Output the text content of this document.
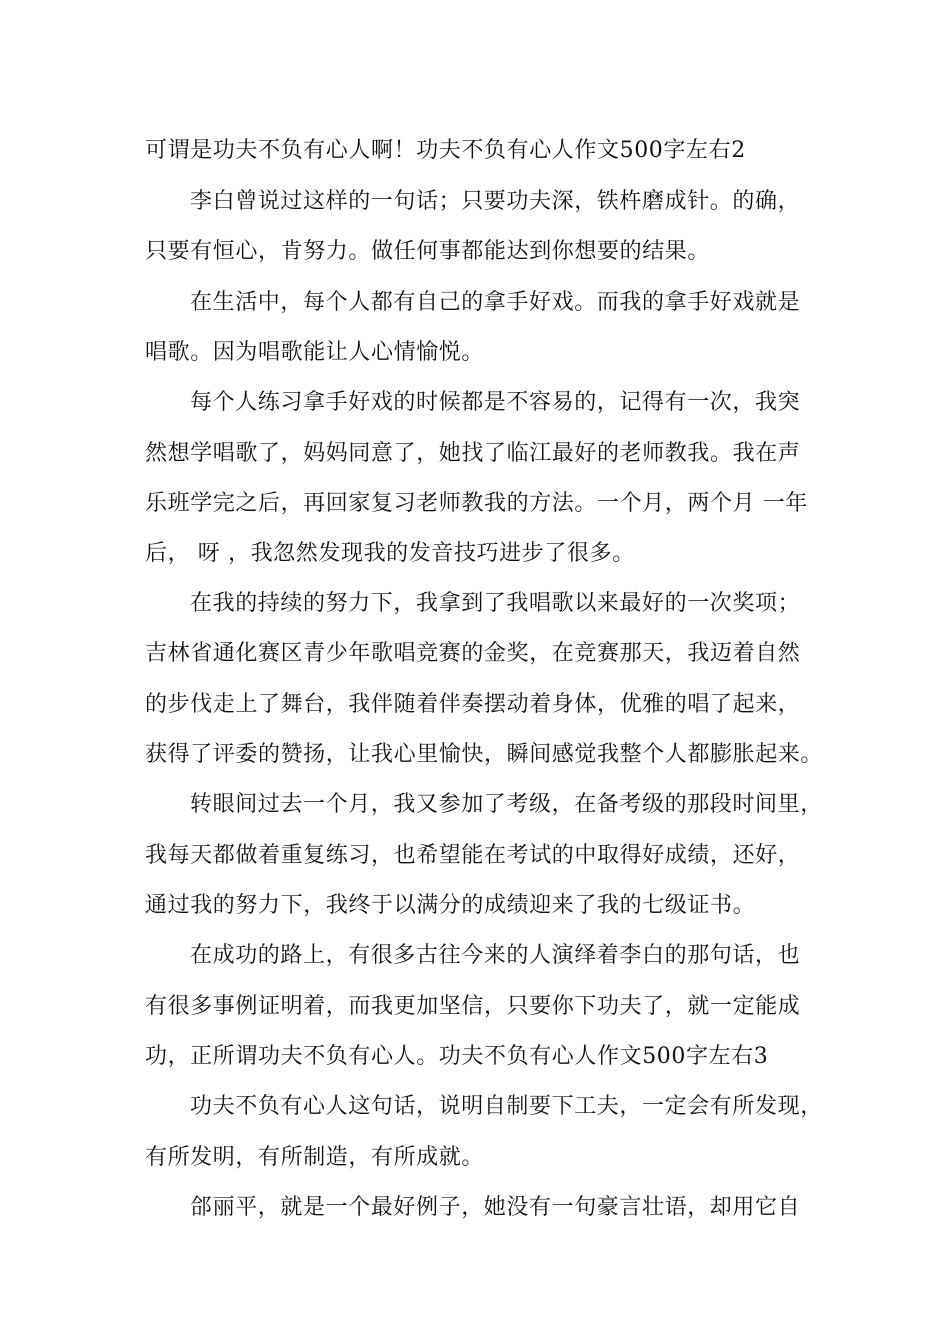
可谓是功夫不负有心人啊！功夫不负有心人作文500字左右2
李白曾说过这样的一句话；只要功夫深，铁杵磨成针。的确，
只要有恒心，肯努力。做任何事都能达到你想要的结果。
在生活中，每个人都有自己的拿手好戏。而我的拿手好戏就是
唱歌。因为唱歌能让人心情愉悦。
每个人练习拿手好戏的时候都是不容易的，记得有一次，我突
然想学唱歌了，妈妈同意了，她找了临江最好的老师教我。我在声
乐班学完之后，再回家复习老师教我的方法。一个月，两个月 一年
后， 呀 ，我忽然发现我的发音技巧进步了很多。
在我的持续的努力下，我拿到了我唱歌以来最好的一次奖项；
吉林省通化赛区青少年歌唱竞赛的金奖，在竞赛那天，我迈着自然
的步伐走上了舞台，我伴随着伴奏摆动着身体，优雅的唱了起来，
获得了评委的赞扬，让我心里愉快，瞬间感觉我整个人都膨胀起来。
转眼间过去一个月，我又参加了考级，在备考级的那段时间里，
我每天都做着重复练习，也希望能在考试的中取得好成绩，还好，
通过我的努力下，我终于以满分的成绩迎来了我的七级证书。
在成功的路上，有很多古往今来的人演绎着李白的那句话，也
有很多事例证明着，而我更加坚信，只要你下功夫了，就一定能成
功，正所谓功夫不负有心人。功夫不负有心人作文500字左右3
功夫不负有心人这句话，说明自制要下工夫，一定会有所发现，
有所发明，有所制造，有所成就。
郃丽平，就是一个最好例子，她没有一句豪言壮语，却用它自
